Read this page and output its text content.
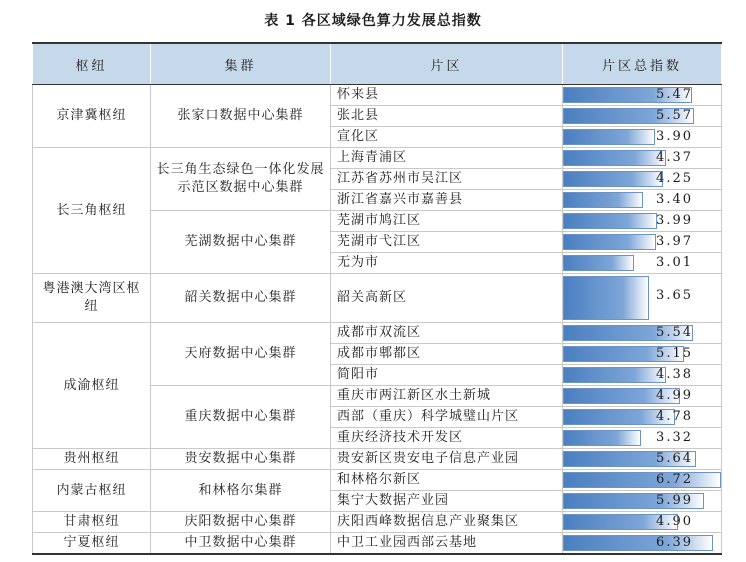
表 1 各区域绿色算力发展总指数
枢纽	集群	片区	片区总指数
京津冀枢纽	张家口数据中心集群	怀来县	5.47

		张北县	5.57

		宣化区	3.90

长三角枢纽	长三角生态绿色一体化发展示范区数据中心集群	上海青浦区	4.37

		江苏省苏州市吴江区	4.25

		浙江省嘉兴市嘉善县	3.40

	芜湖数据中心集群	芜湖市鸠江区	3.99

		芜湖市弋江区	3.97

		无为市	3.01

粤港澳大湾区枢纽	韶关数据中心集群	韶关高新区	3.65

成渝枢纽	天府数据中心集群	成都市双流区	5.54

		成都市郫都区	5.15

		简阳市	4.38

	重庆数据中心集群	重庆市两江新区水土新城	4.99

		西部（重庆）科学城璧山片区	4.78

		重庆经济技术开发区	3.32

贵州枢纽	贵安数据中心集群	贵安新区贵安电子信息产业园	5.64

内蒙古枢纽	和林格尔集群	和林格尔新区	6.72

		集宁大数据产业园	5.99

甘肃枢纽	庆阳数据中心集群	庆阳西峰数据信息产业聚集区	4.90

宁夏枢纽	中卫数据中心集群	中卫工业园西部云基地	6.39
